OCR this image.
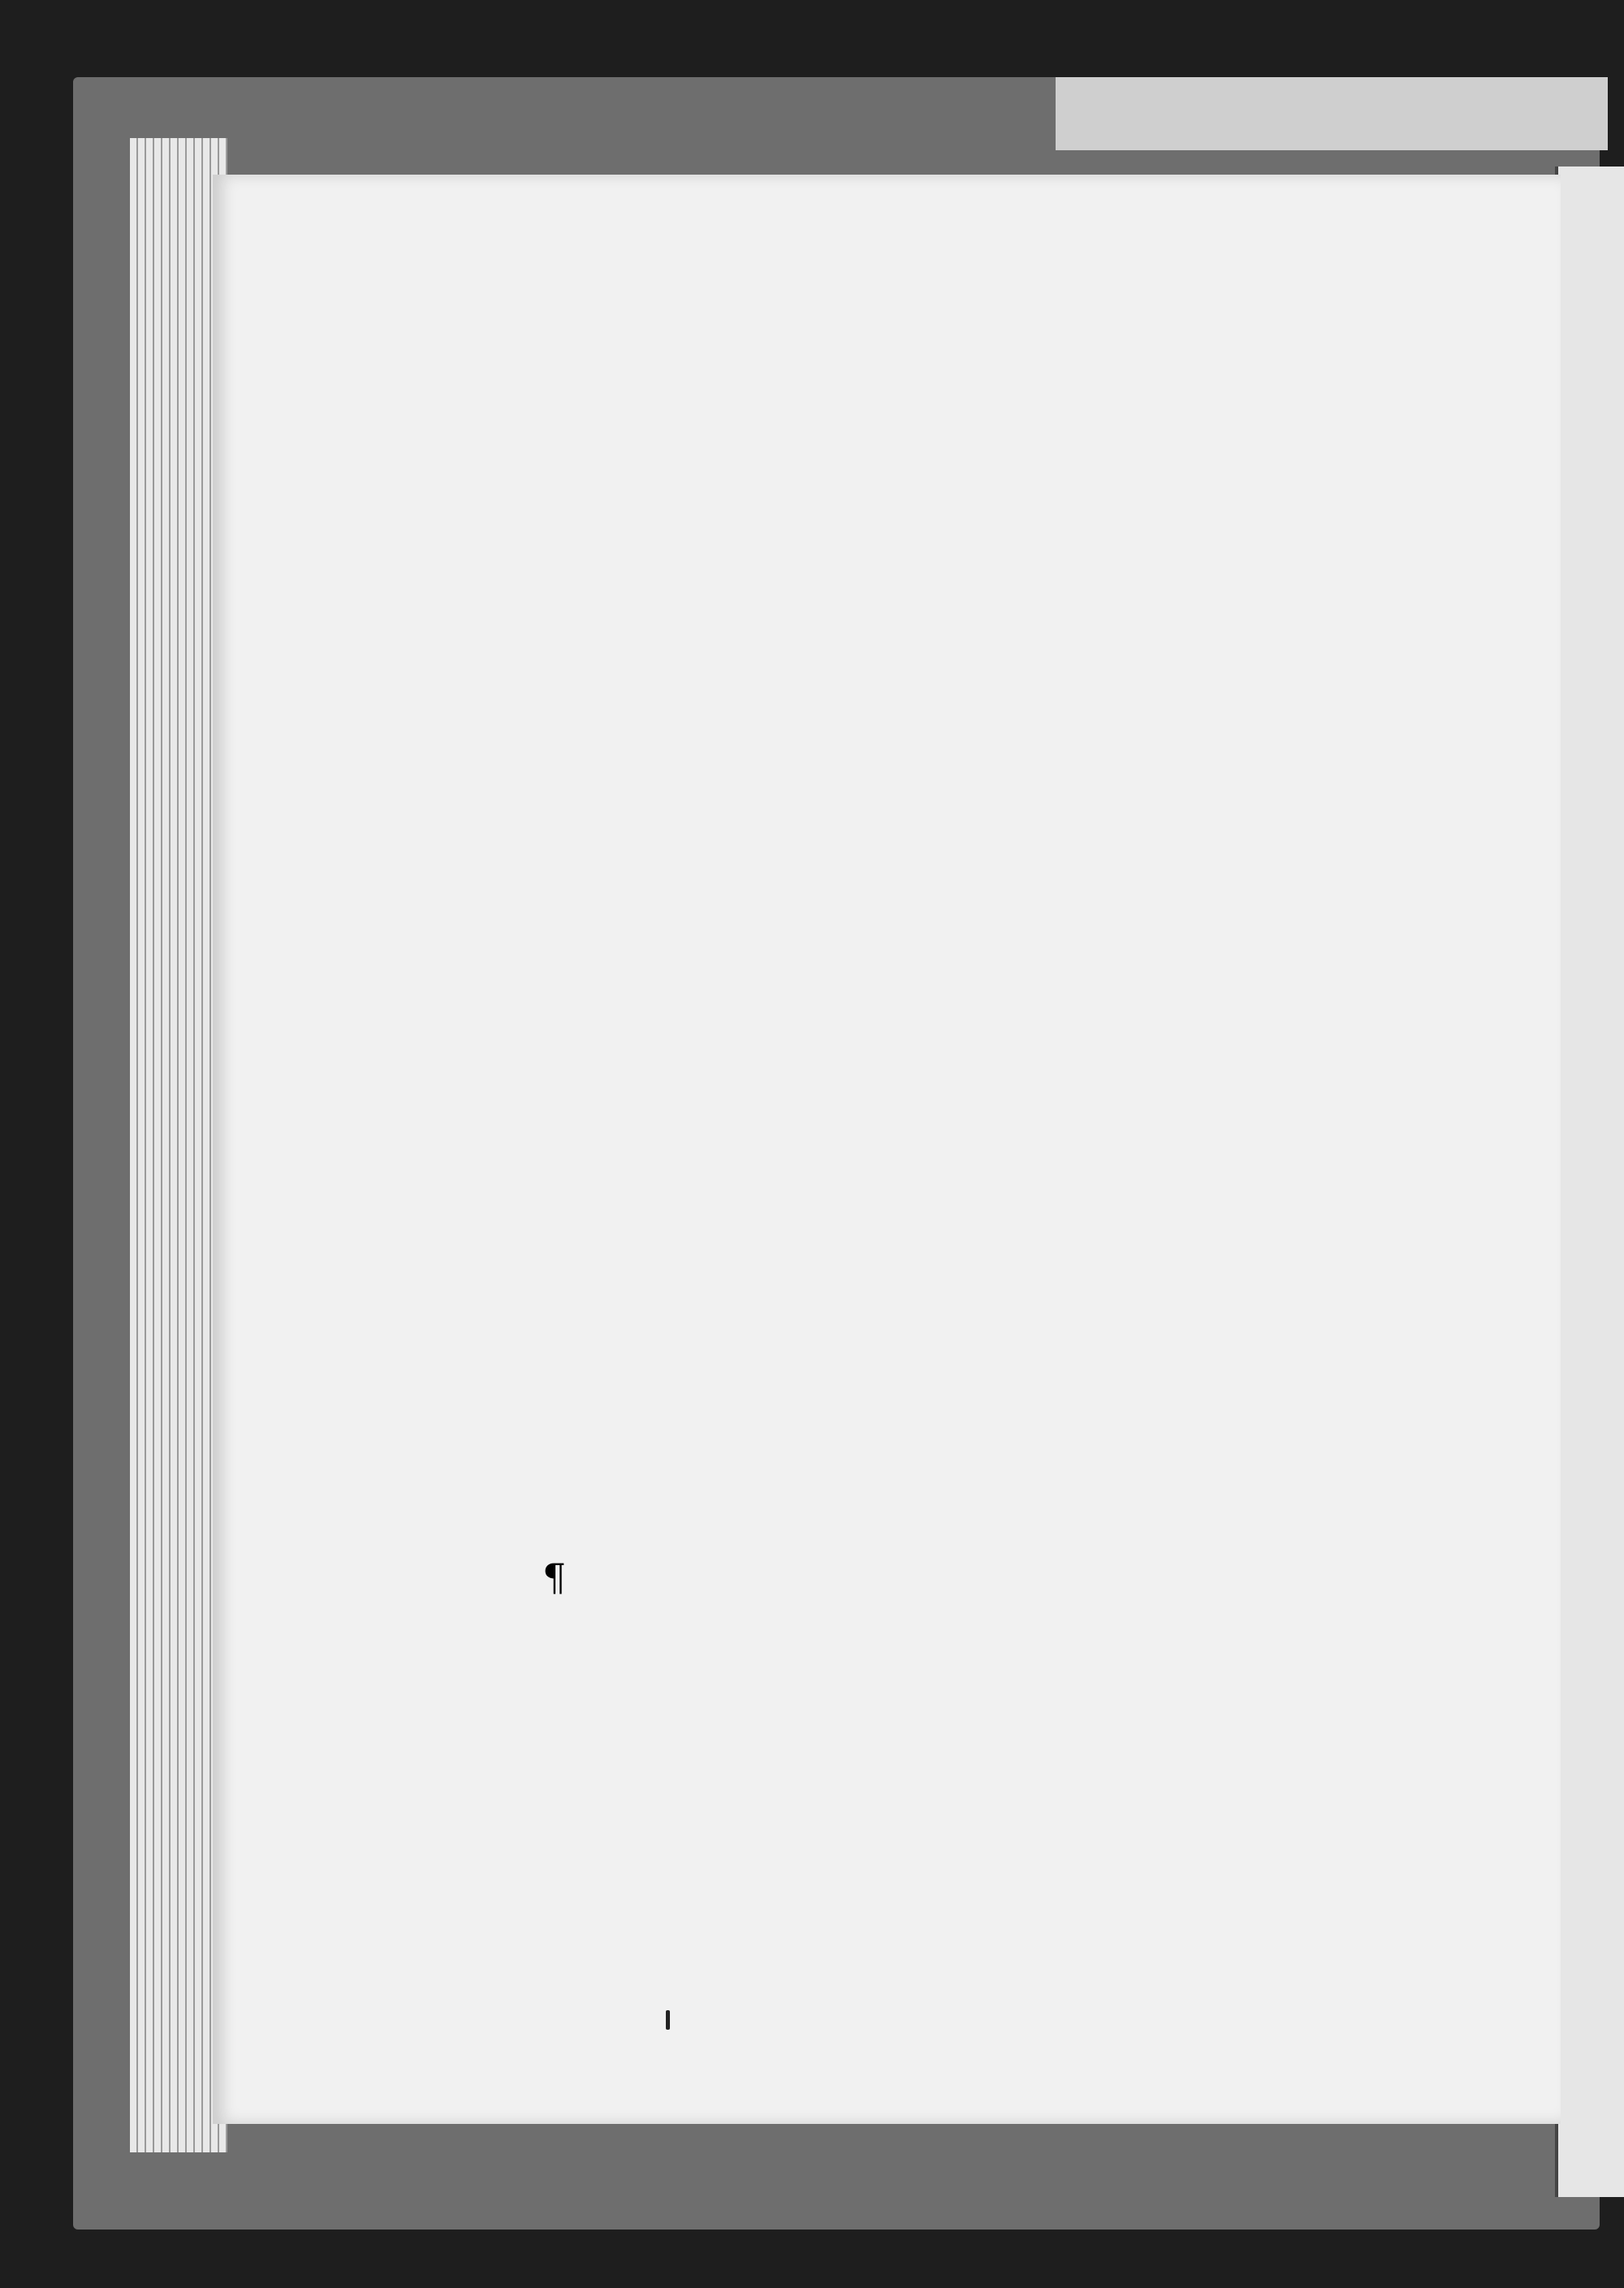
¶
